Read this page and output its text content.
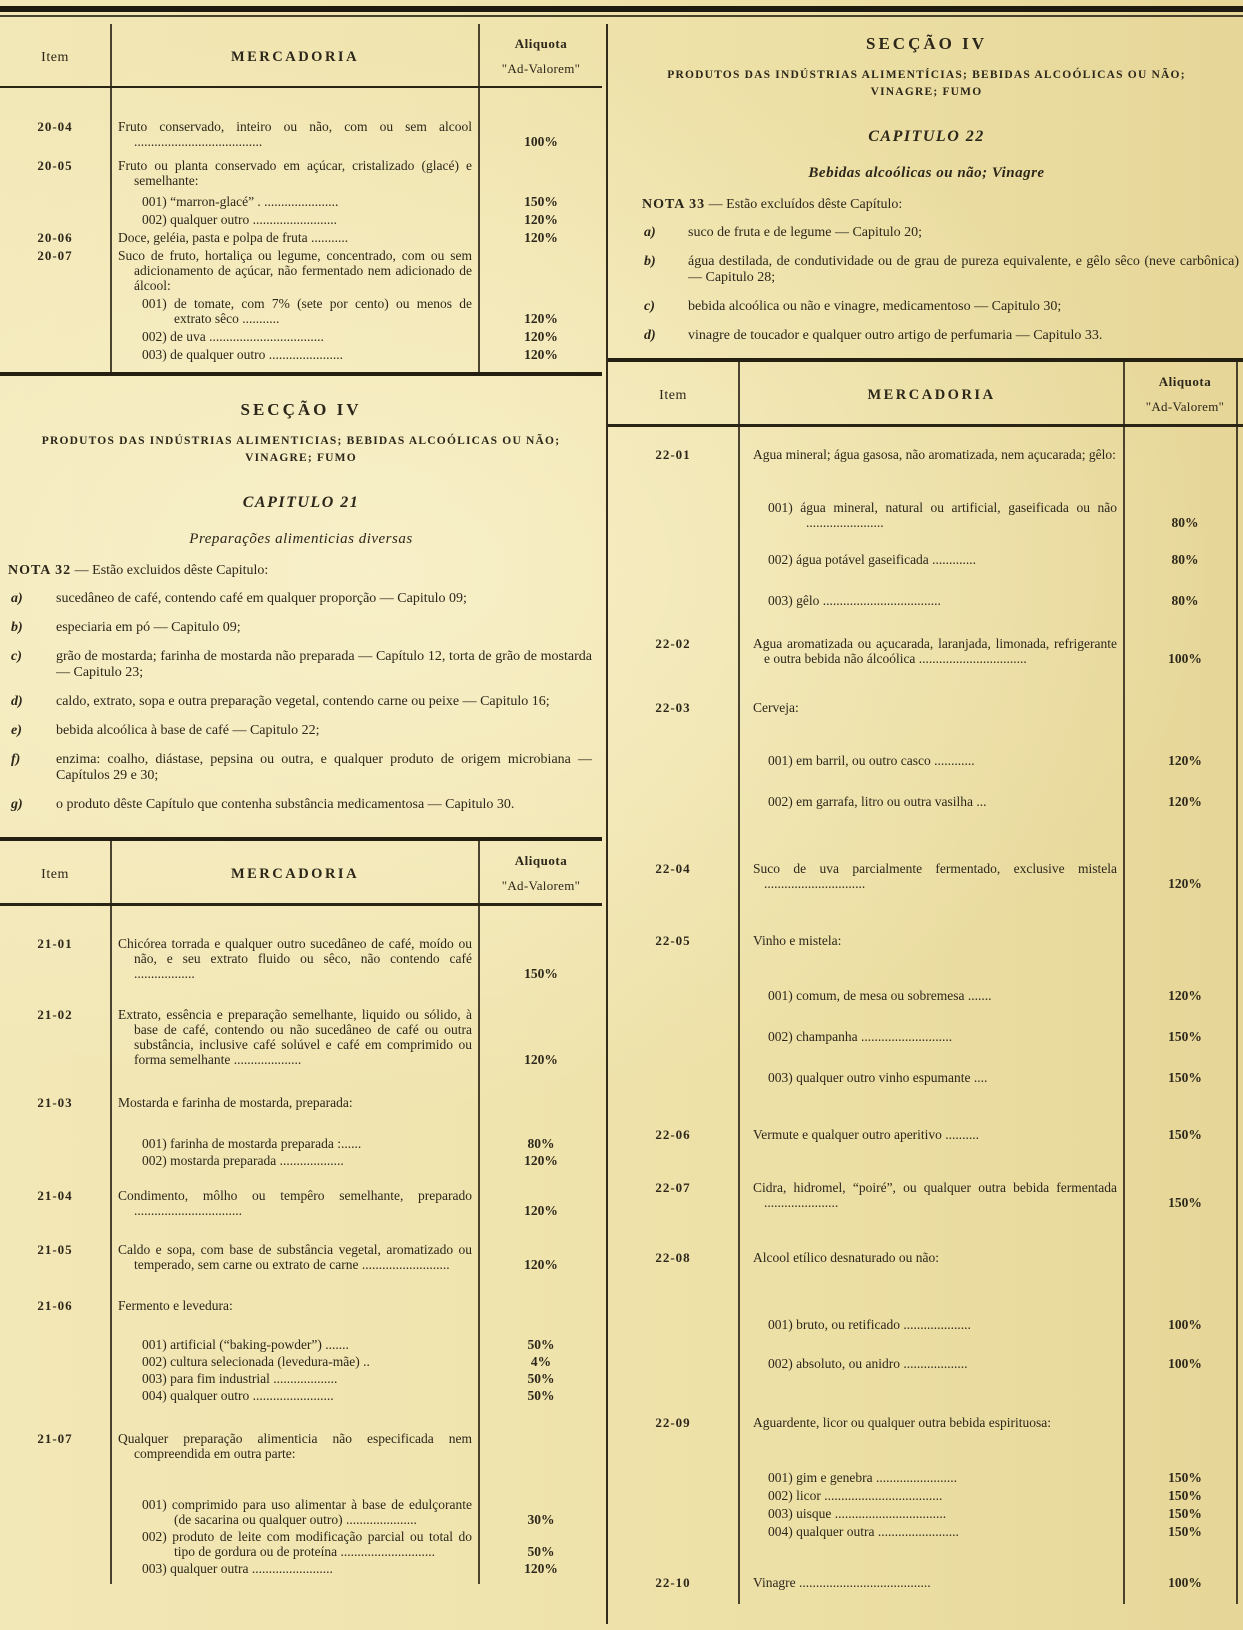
Item	MERCADORIA
Aliquota
"Ad-Valorem"
20-04	Fruto conservado, inteiro ou não, com ou sem alcool ......................................	100%
20-05	Fruto ou planta conservado em açúcar, cristalizado (glacé) e semelhante:
001) “marron-glacé” . ......................	150%
002) qualquer outro .........................	120%
20-06	Doce, geléia, pasta e polpa de fruta ...........	120%
20-07	Suco de fruto, hortaliça ou legume, concentrado, com ou sem adicionamento de açúcar, não fermentado nem adicionado de álcool:
001) de tomate, com 7% (sete por cento) ou menos de extrato sêco ...........	120%
002) de uva ..................................	120%
003) de qualquer outro ......................	120%
SECÇÃO IV
PRODUTOS DAS INDÚSTRIAS ALIMENTICIAS; BEBIDAS ALCOÓLICAS OU NÃO;
VINAGRE; FUMO
CAPITULO 21
Preparações alimenticias diversas
NOTA 32 — Estão excluidos dêste Capitulo:
a)	sucedâneo de café, contendo café em qualquer proporção — Capitulo 09;
b)	especiaria em pó — Capitulo 09;
c)	grão de mostarda; farinha de mostarda não preparada — Capítulo 12, torta de grão de mostarda — Capitulo 23;
d)	caldo, extrato, sopa e outra preparação vegetal, contendo carne ou peixe — Capitulo 16;
e)	bebida alcoólica à base de café — Capitulo 22;
f)	enzima: coalho, diástase, pepsina ou outra, e qualquer produto de origem microbiana — Capítulos 29 e 30;
g)	o produto dêste Capítulo que contenha substância medicamentosa — Capitulo 30.
Item	MERCADORIA
Aliquota
"Ad-Valorem"
21-01	Chicórea torrada e qualquer outro sucedâneo de café, moído ou não, e seu extrato fluido ou sêco, não contendo café ..................	150%
21-02	Extrato, essência e preparação semelhante, liquido ou sólido, à base de café, contendo ou não sucedâneo de café ou outra substância, inclusive café solúvel e café em comprimido ou forma semelhante ....................	120%
21-03	Mostarda e farinha de mostarda, preparada:
001) farinha de mostarda preparada :......	80%
002) mostarda preparada ...................	120%
21-04	Condimento, môlho ou tempêro semelhante, preparado ................................	120%
21-05	Caldo e sopa, com base de substância vegetal, aromatizado ou temperado, sem carne ou extrato de carne ..........................	120%
21-06	Fermento e levedura:
001) artificial (“baking-powder”) .......	50%
002) cultura selecionada (levedura-mãe) ..	4%
003) para fim industrial ...................	50%
004) qualquer outro ........................	50%
21-07	Qualquer preparação alimenticia não especificada nem compreendida em outra parte:
001) comprimido para uso alimentar à base de edulçorante (de sacarina ou qualquer outro) .....................	30%
002) produto de leite com modificação parcial ou total do tipo de gordura ou de proteína ............................	50%
003) qualquer outra ........................	120%
SECÇÃO IV
PRODUTOS DAS INDÚSTRIAS ALIMENTÍCIAS; BEBIDAS ALCOÓLICAS OU NÃO;
VINAGRE; FUMO
CAPITULO 22
Bebidas alcoólicas ou não; Vinagre
NOTA 33 — Estão excluídos dêste Capítulo:
a)	suco de fruta e de legume — Capitulo 20;
b)	água destilada, de condutividade ou de grau de pureza equivalente, e gêlo sêco (neve carbônica) — Capitulo 28;
c)	bebida alcoólica ou não e vinagre, medicamentoso — Capitulo 30;
d)	vinagre de toucador e qualquer outro artigo de perfumaria — Capitulo 33.
Item	MERCADORIA
Aliquota
"Ad-Valorem"
22-01	Agua mineral; água gasosa, não aromatizada, nem açucarada; gêlo:
001) água mineral, natural ou artificial, gaseificada ou não .......................	80%
002) água potável gaseificada .............	80%
003) gêlo ...................................	80%
22-02	Agua aromatizada ou açucarada, laranjada, limonada, refrigerante e outra bebida não álcoólica ................................	100%
22-03	Cerveja:
001) em barril, ou outro casco ............	120%
002) em garrafa, litro ou outra vasilha ...	120%
22-04	Suco de uva parcialmente fermentado, exclusive mistela ..............................	120%
22-05	Vinho e mistela:
001) comum, de mesa ou sobremesa .......	120%
002) champanha ...........................	150%
003) qualquer outro vinho espumante ....	150%
22-06	Vermute e qualquer outro aperitivo ..........	150%
22-07	Cidra, hidromel, “poiré”, ou qualquer outra bebida fermentada ......................	150%
22-08	Alcool etílico desnaturado ou não:
001) bruto, ou retificado ....................	100%
002) absoluto, ou anidro ...................	100%
22-09	Aguardente, licor ou qualquer outra bebida espirituosa:
001) gim e genebra ........................	150%
002) licor ...................................	150%
003) uisque .................................	150%
004) qualquer outra ........................	150%
22-10	Vinagre .......................................	100%
